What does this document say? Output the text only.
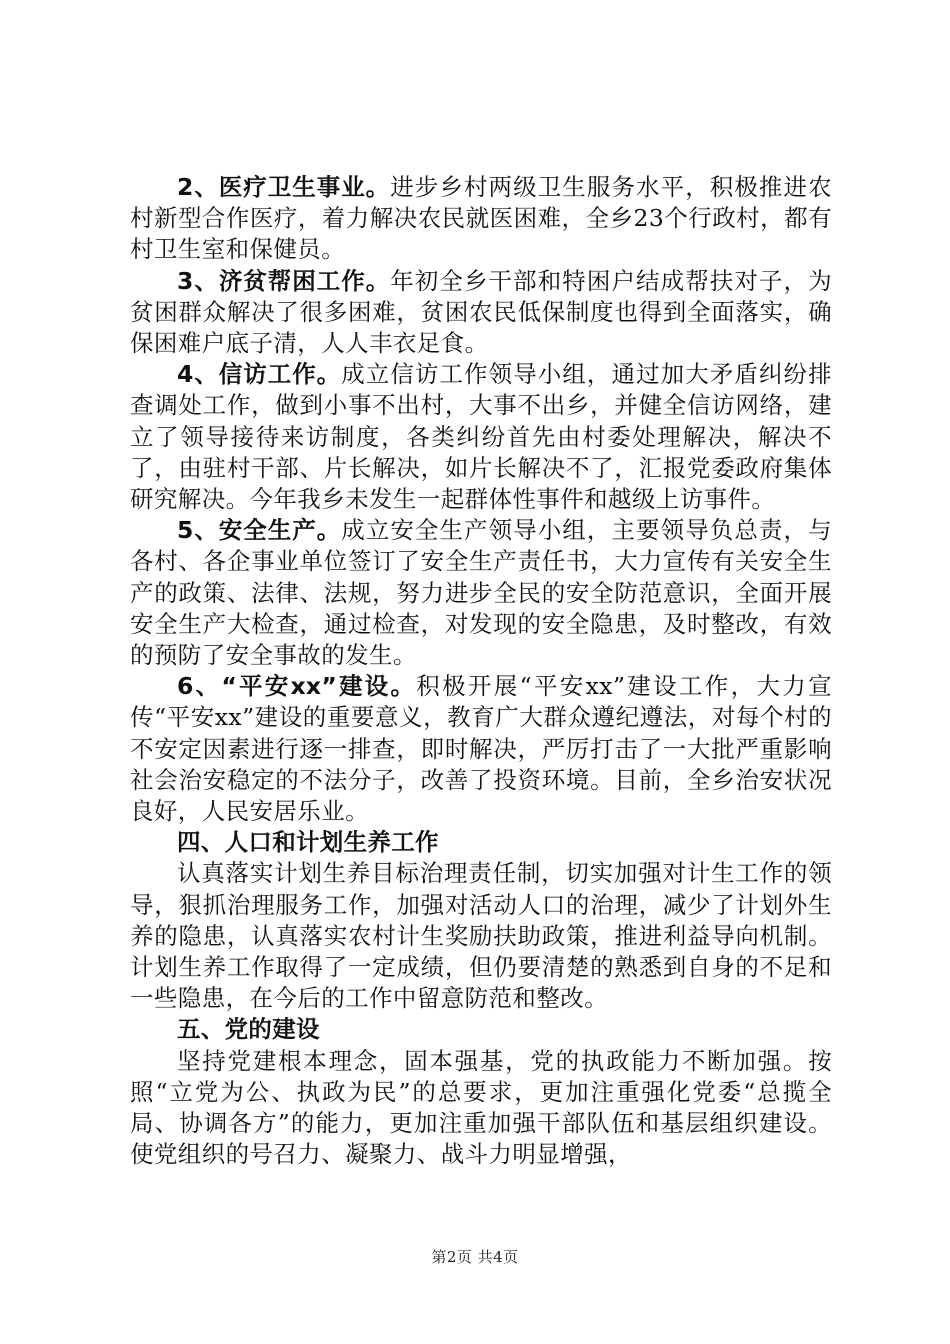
2、医疗卫生事业。进步乡村两级卫生服务水平，积极推进农村新型合作医疗，着力解决农民就医困难，全乡23个行政村，都有村卫生室和保健员。

3、济贫帮困工作。年初全乡干部和特困户结成帮扶对子，为贫困群众解决了很多困难，贫困农民低保制度也得到全面落实，确保困难户底子清，人人丰衣足食。

4、信访工作。成立信访工作领导小组，通过加大矛盾纠纷排查调处工作，做到小事不出村，大事不出乡，并健全信访网络，建立了领导接待来访制度，各类纠纷首先由村委处理解决，解决不了，由驻村干部、片长解决，如片长解决不了，汇报党委政府集体研究解决。今年我乡未发生一起群体性事件和越级上访事件。

5、安全生产。成立安全生产领导小组，主要领导负总责，与各村、各企事业单位签订了安全生产责任书，大力宣传有关安全生产的政策、法律、法规，努力进步全民的安全防范意识，全面开展安全生产大检查，通过检查，对发现的安全隐患，及时整改，有效的预防了安全事故的发生。

6、“平安xx”建设。积极开展“平安xx”建设工作，大力宣传“平安xx”建设的重要意义，教育广大群众遵纪遵法，对每个村的不安定因素进行逐一排查，即时解决，严厉打击了一大批严重影响社会治安稳定的不法分子，改善了投资环境。目前，全乡治安状况良好，人民安居乐业。

四、人口和计划生养工作

认真落实计划生养目标治理责任制，切实加强对计生工作的领导，狠抓治理服务工作，加强对活动人口的治理，减少了计划外生养的隐患，认真落实农村计生奖励扶助政策，推进利益导向机制。计划生养工作取得了一定成绩，但仍要清楚的熟悉到自身的不足和一些隐患，在今后的工作中留意防范和整改。

五、党的建设

坚持党建根本理念，固本强基，党的执政能力不断加强。按照“立党为公、执政为民”的总要求，更加注重强化党委“总揽全局、协调各方”的能力，更加注重加强干部队伍和基层组织建设。使党组织的号召力、凝聚力、战斗力明显增强，

第2页 共4页
